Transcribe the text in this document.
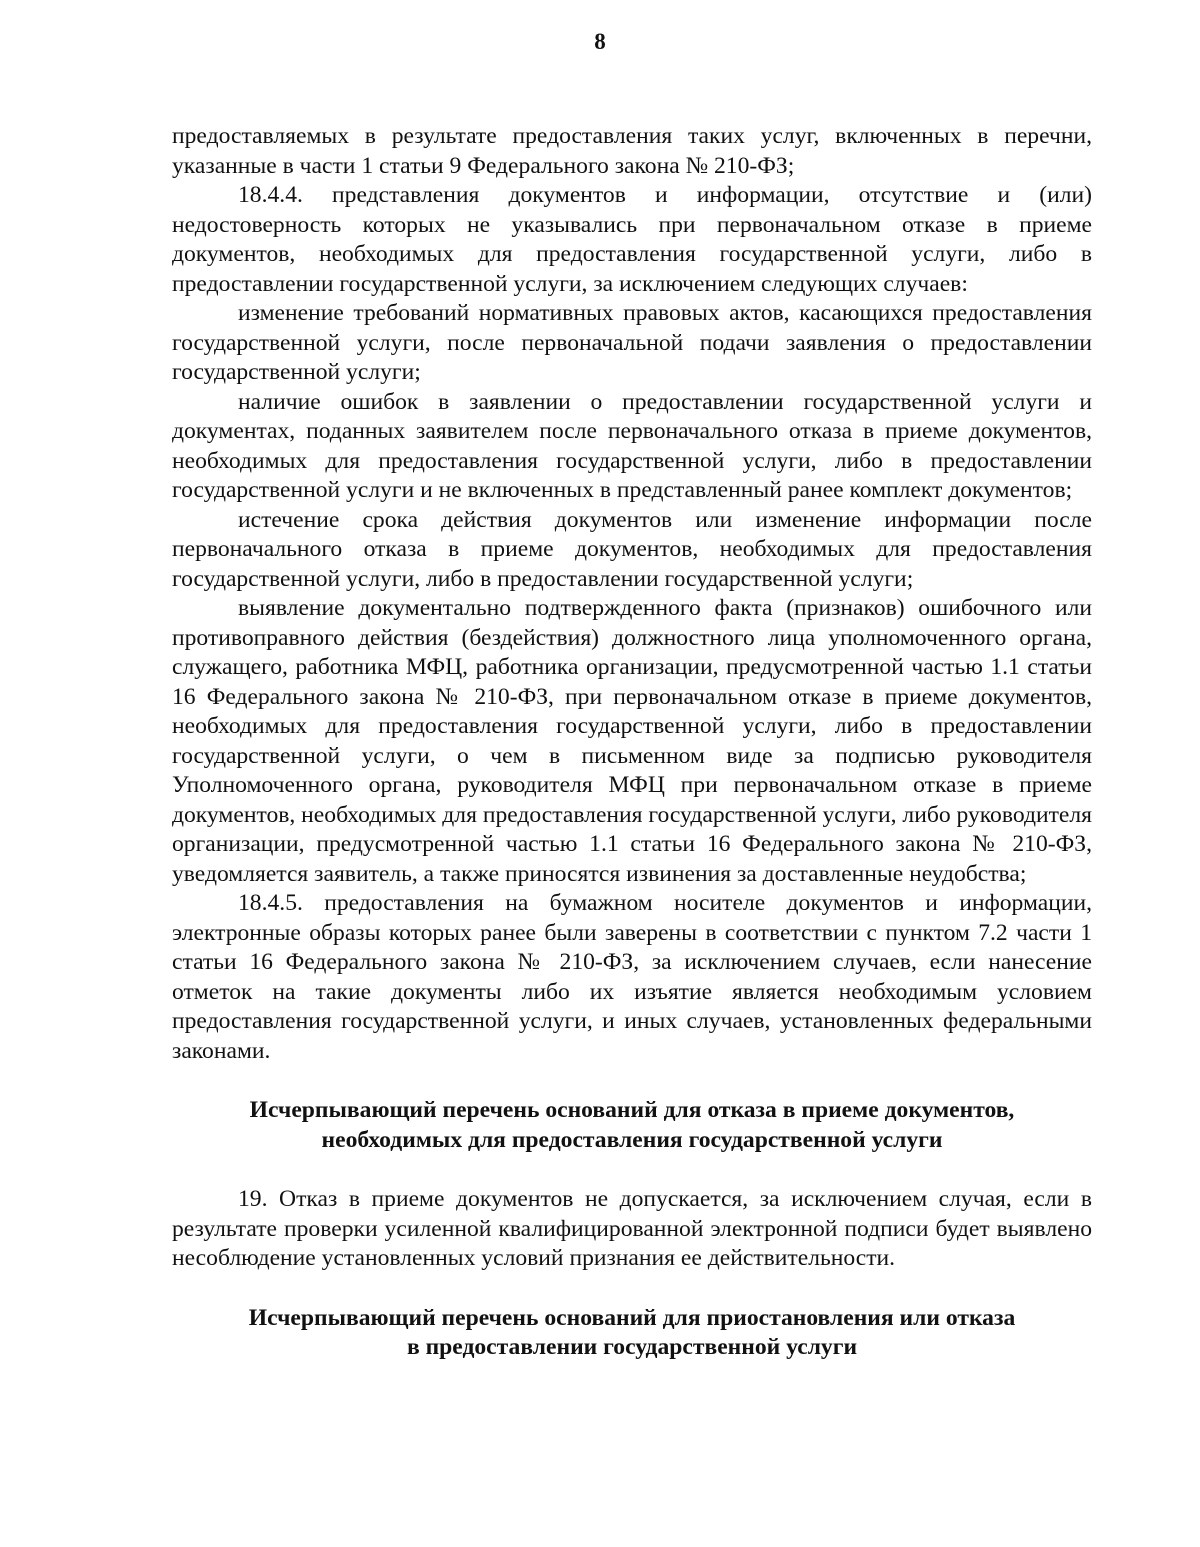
8

предоставляемых в результате предоставления таких услуг, включенных в перечни, указанные в части 1 статьи 9 Федерального закона № 210-ФЗ;

18.4.4. представления документов и информации, отсутствие и (или) недостоверность которых не указывались при первоначальном отказе в приеме документов, необходимых для предоставления государственной услуги, либо в предоставлении государственной услуги, за исключением следующих случаев:

изменение требований нормативных правовых актов, касающихся предоставления государственной услуги, после первоначальной подачи заявления о предоставлении государственной услуги;

наличие ошибок в заявлении о предоставлении государственной услуги и документах, поданных заявителем после первоначального отказа в приеме документов, необходимых для предоставления государственной услуги, либо в предоставлении государственной услуги и не включенных в представленный ранее комплект документов;

истечение срока действия документов или изменение информации после первоначального отказа в приеме документов, необходимых для предоставления государственной услуги, либо в предоставлении государственной услуги;

выявление документально подтвержденного факта (признаков) ошибочного или противоправного действия (бездействия) должностного лица уполномоченного органа, служащего, работника МФЦ, работника организации, предусмотренной частью 1.1 статьи 16 Федерального закона № 210-ФЗ, при первоначальном отказе в приеме документов, необходимых для предоставления государственной услуги, либо в предоставлении государственной услуги, о чем в письменном виде за подписью руководителя Уполномоченного органа, руководителя МФЦ при первоначальном отказе в приеме документов, необходимых для предоставления государственной услуги, либо руководителя организации, предусмотренной частью 1.1 статьи 16 Федерального закона № 210-ФЗ, уведомляется заявитель, а также приносятся извинения за доставленные неудобства;

18.4.5. предоставления на бумажном носителе документов и информации, электронные образы которых ранее были заверены в соответствии с пунктом 7.2 части 1 статьи 16 Федерального закона № 210-ФЗ, за исключением случаев, если нанесение отметок на такие документы либо их изъятие является необходимым условием предоставления государственной услуги, и иных случаев, установленных федеральными законами.

Исчерпывающий перечень оснований для отказа в приеме документов,
необходимых для предоставления государственной услуги

19. Отказ в приеме документов не допускается, за исключением случая, если в результате проверки усиленной квалифицированной электронной подписи будет выявлено несоблюдение установленных условий признания ее действительности.

Исчерпывающий перечень оснований для приостановления или отказа
в предоставлении государственной услуги
